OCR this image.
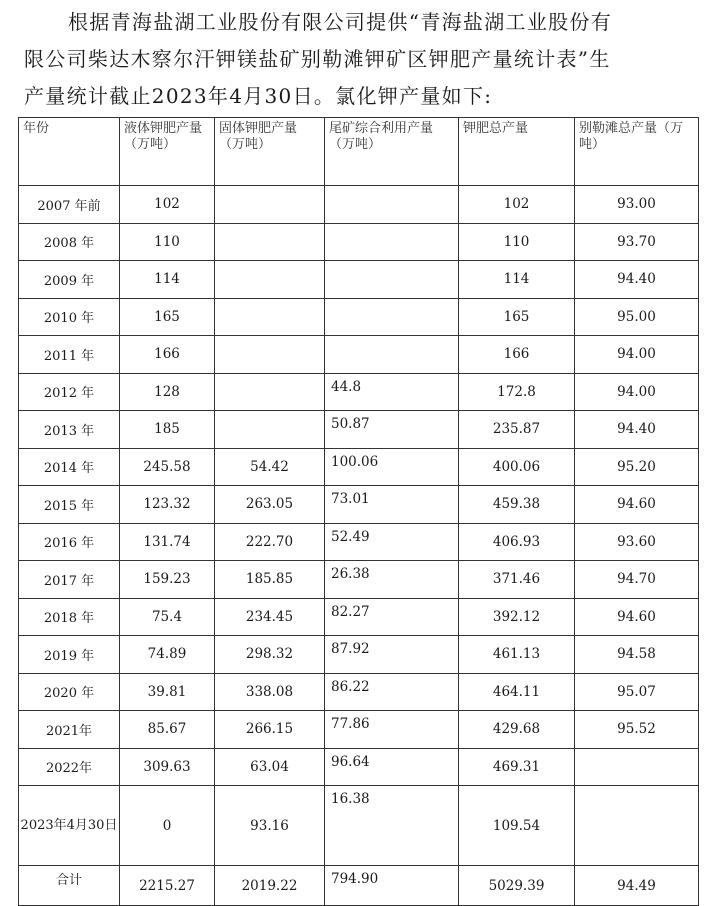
根据青海盐湖工业股份有限公司提供“青海盐湖工业股份有
限公司柴达木察尔汗钾镁盐矿别勒滩钾矿区钾肥产量统计表”生
产量统计截止2023年4月30日。氯化钾产量如下:
年份	液体钾肥产量（万吨）	固体钾肥产量（万吨）	尾矿综合利用产量（万吨）	钾肥总产量	别勒滩总产量（万吨）
2007 年前	102			102	93.00
2008 年	110			110	93.70
2009 年	114			114	94.40
2010 年	165			165	95.00
2011 年	166			166	94.00
2012 年	128		44.8	172.8	94.00
2013 年	185		50.87	235.87	94.40
2014 年	245.58	54.42	100.06	400.06	95.20
2015 年	123.32	263.05	73.01	459.38	94.60
2016 年	131.74	222.70	52.49	406.93	93.60
2017 年	159.23	185.85	26.38	371.46	94.70
2018 年	75.4	234.45	82.27	392.12	94.60
2019 年	74.89	298.32	87.92	461.13	94.58
2020 年	39.81	338.08	86.22	464.11	95.07
2021年	85.67	266.15	77.86	429.68	95.52
2022年	309.63	63.04	96.64	469.31	
2023年4月30日	0	93.16	16.38	109.54	
合计	2215.27	2019.22	794.90	5029.39	94.49
